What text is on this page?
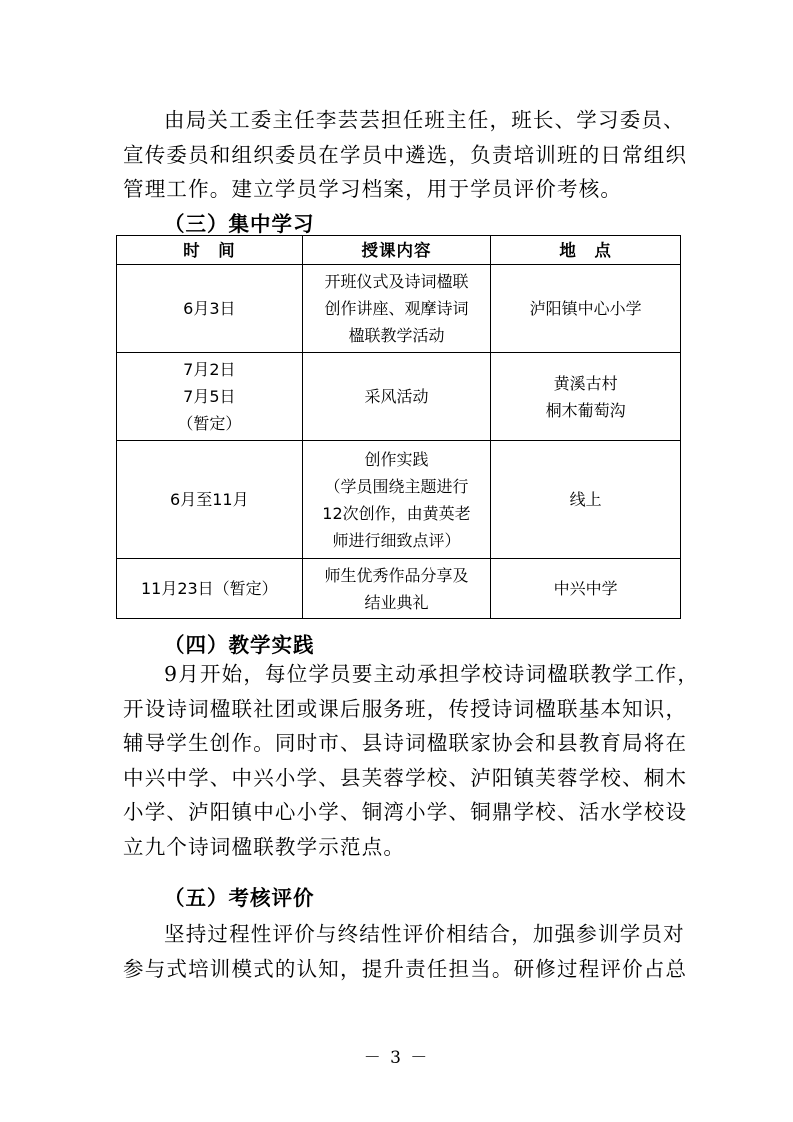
由局关工委主任李芸芸担任班主任，班长、学习委员、
宣传委员和组织委员在学员中遴选，负责培训班的日常组织
管理工作。建立学员学习档案，用于学员评价考核。
（三）集中学习
时　间	授课内容	地　点

6月3日	开班仪式及诗词楹联
创作讲座、观摩诗词
楹联教学活动	泸阳镇中心小学

7月2日
7月5日
（暂定）	采风活动	黄溪古村
桐木葡萄沟

6月至11月	创作实践
（学员围绕主题进行
12次创作，由黄英老
师进行细致点评）	线上

11月23日（暂定）	师生优秀作品分享及
结业典礼	中兴中学
（四）教学实践
9月开始，每位学员要主动承担学校诗词楹联教学工作，
开设诗词楹联社团或课后服务班，传授诗词楹联基本知识，
辅导学生创作。同时市、县诗词楹联家协会和县教育局将在
中兴中学、中兴小学、县芙蓉学校、泸阳镇芙蓉学校、桐木
小学、泸阳镇中心小学、铜湾小学、铜鼎学校、活水学校设
立九个诗词楹联教学示范点。
（五）考核评价
坚持过程性评价与终结性评价相结合，加强参训学员对
参与式培训模式的认知，提升责任担当。研修过程评价占总
－ 3 －
